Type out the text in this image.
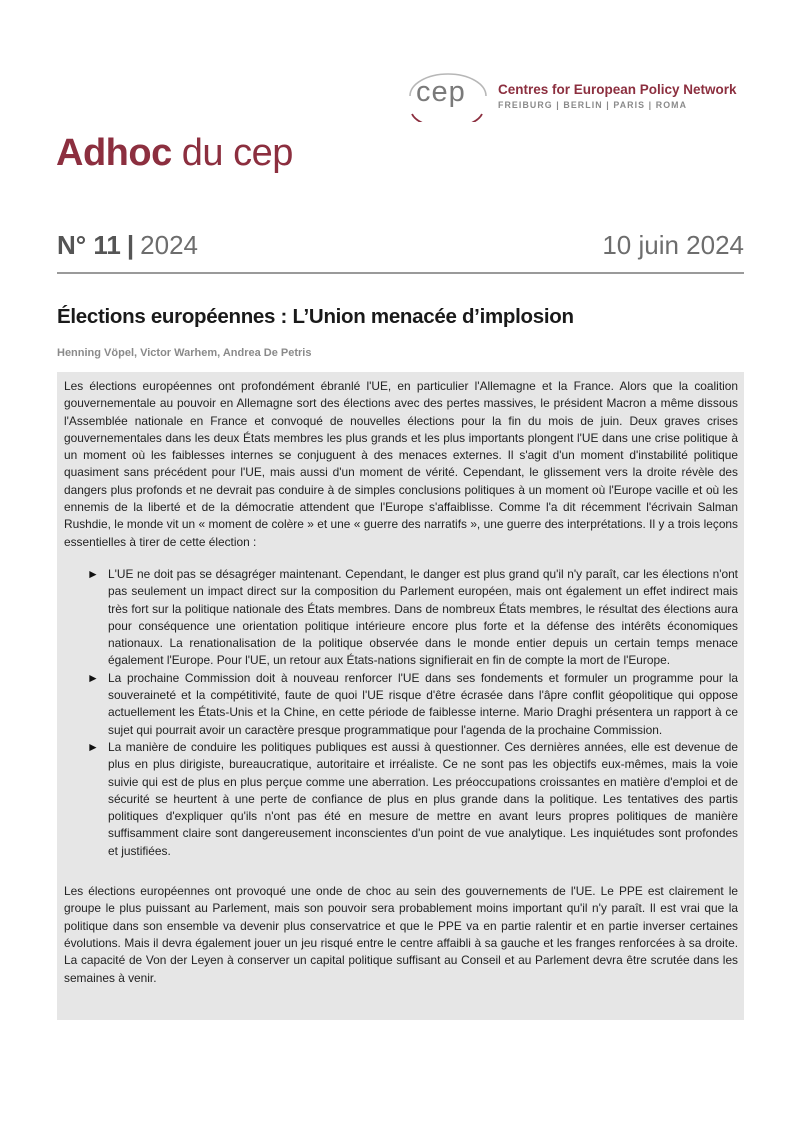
cep Centres for European Policy Network
FREIBURG | BERLIN | PARIS | ROMA
Adhoc du cep
N° 11 | 2024	10 juin 2024
Élections européennes : L’Union menacée d’implosion
Henning Vöpel, Victor Warhem, Andrea De Petris

Les élections européennes ont profondément ébranlé l'UE, en particulier l'Allemagne et la France. Alors que la coalition gouvernementale au pouvoir en Allemagne sort des élections avec des pertes massives, le président Macron a même dissous l'Assemblée nationale en France et convoqué de nouvelles élections pour la fin du mois de juin. Deux graves crises gouvernementales dans les deux États membres les plus grands et les plus importants plongent l'UE dans une crise politique à un moment où les faiblesses internes se conjuguent à des menaces externes. Il s'agit d'un moment d'instabilité politique quasiment sans précédent pour l'UE, mais aussi d'un moment de vérité. Cependant, le glissement vers la droite révèle des dangers plus profonds et ne devrait pas conduire à de simples conclusions politiques à un moment où l'Europe vacille et où les ennemis de la liberté et de la démocratie attendent que l'Europe s'affaiblisse. Comme l'a dit récemment l'écrivain Salman Rushdie, le monde vit un « moment de colère » et une « guerre des narratifs », une guerre des interprétations. Il y a trois leçons essentielles à tirer de cette élection :

► L'UE ne doit pas se désagréger maintenant. Cependant, le danger est plus grand qu'il n'y paraît, car les élections n'ont pas seulement un impact direct sur la composition du Parlement européen, mais ont également un effet indirect mais très fort sur la politique nationale des États membres. Dans de nombreux États membres, le résultat des élections aura pour conséquence une orientation politique intérieure encore plus forte et la défense des intérêts économiques nationaux. La renationalisation de la politique observée dans le monde entier depuis un certain temps menace également l'Europe. Pour l'UE, un retour aux États-nations signifierait en fin de compte la mort de l'Europe.
► La prochaine Commission doit à nouveau renforcer l'UE dans ses fondements et formuler un programme pour la souveraineté et la compétitivité, faute de quoi l'UE risque d'être écrasée dans l'âpre conflit géopolitique qui oppose actuellement les États-Unis et la Chine, en cette période de faiblesse interne. Mario Draghi présentera un rapport à ce sujet qui pourrait avoir un caractère presque programmatique pour l'agenda de la prochaine Commission.
► La manière de conduire les politiques publiques est aussi à questionner. Ces dernières années, elle est devenue de plus en plus dirigiste, bureaucratique, autoritaire et irréaliste. Ce ne sont pas les objectifs eux-mêmes, mais la voie suivie qui est de plus en plus perçue comme une aberration. Les préoccupations croissantes en matière d'emploi et de sécurité se heurtent à une perte de confiance de plus en plus grande dans la politique. Les tentatives des partis politiques d'expliquer qu'ils n'ont pas été en mesure de mettre en avant leurs propres politiques de manière suffisamment claire sont dangereusement inconscientes d'un point de vue analytique. Les inquiétudes sont profondes et justifiées.

Les élections européennes ont provoqué une onde de choc au sein des gouvernements de l'UE. Le PPE est clairement le groupe le plus puissant au Parlement, mais son pouvoir sera probablement moins important qu'il n'y paraît. Il est vrai que la politique dans son ensemble va devenir plus conservatrice et que le PPE va en partie ralentir et en partie inverser certaines évolutions. Mais il devra également jouer un jeu risqué entre le centre affaibli à sa gauche et les franges renforcées à sa droite. La capacité de Von der Leyen à conserver un capital politique suffisant au Conseil et au Parlement devra être scrutée dans les semaines à venir.
